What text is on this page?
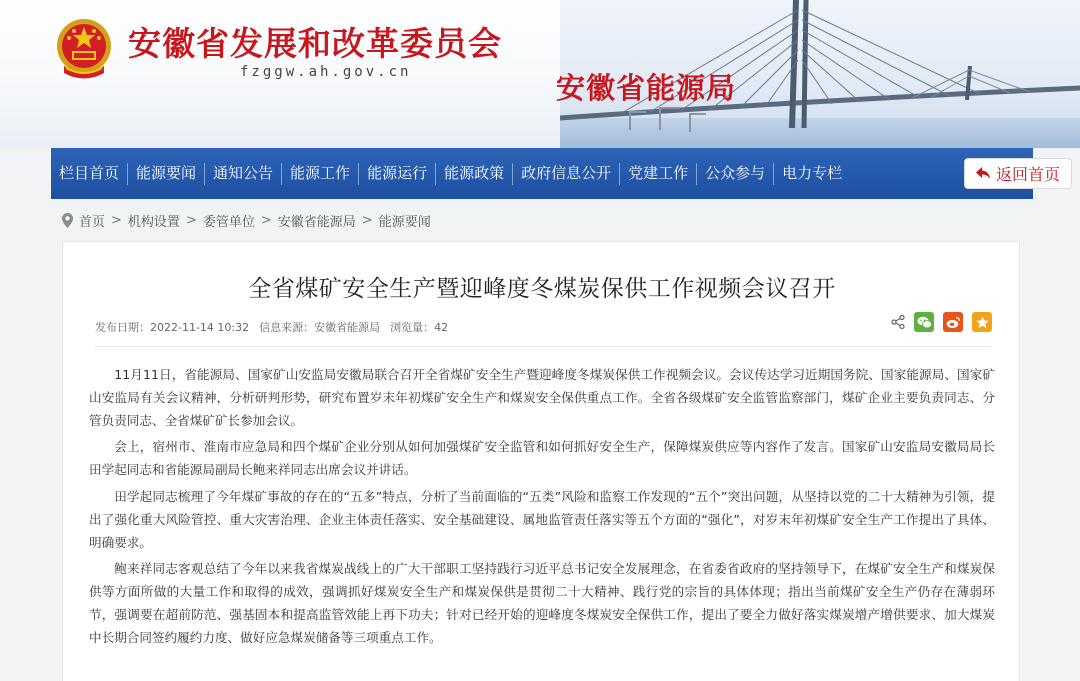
安徽省发展和改革委员会
fzggw.ah.gov.cn	安徽省能源局
栏目首页	能源要闻	通知公告	能源工作	能源运行	能源政策	政府信息公开	党建工作	公众参与	电力专栏	返回首页
首页 > 机构设置 > 委管单位 > 安徽省能源局 > 能源要闻
全省煤矿安全生产暨迎峰度冬煤炭保供工作视频会议召开
发布日期：2022-11-14 10:32 信息来源：安徽省能源局 浏览量：42

11月11日，省能源局、国家矿山安监局安徽局联合召开全省煤矿安全生产暨迎峰度冬煤炭保供工作视频会议。会议传达学习近期国务院、国家能源局、国家矿山安监局有关会议精神，分析研判形势，研究布置岁末年初煤矿安全生产和煤炭安全保供重点工作。全省各级煤矿安全监管监察部门，煤矿企业主要负责同志、分管负责同志、全省煤矿矿长参加会议。

会上，宿州市、淮南市应急局和四个煤矿企业分别从如何加强煤矿安全监管和如何抓好安全生产，保障煤炭供应等内容作了发言。国家矿山安监局安徽局局长田学起同志和省能源局副局长鲍来祥同志出席会议并讲话。

田学起同志梳理了今年煤矿事故的存在的“五多”特点，分析了当前面临的“五类”风险和监察工作发现的“五个”突出问题，从坚持以党的二十大精神为引领，提出了强化重大风险管控、重大灾害治理、企业主体责任落实、安全基础建设、属地监管责任落实等五个方面的“强化”，对岁末年初煤矿安全生产工作提出了具体、明确要求。

鲍来祥同志客观总结了今年以来我省煤炭战线上的广大干部职工坚持践行习近平总书记安全发展理念，在省委省政府的坚持领导下，在煤矿安全生产和煤炭保供等方面所做的大量工作和取得的成效，强调抓好煤炭安全生产和煤炭保供是贯彻二十大精神、践行党的宗旨的具体体现；指出当前煤矿安全生产仍存在薄弱环节，强调要在超前防范、强基固本和提高监管效能上再下功夫；针对已经开始的迎峰度冬煤炭安全保供工作，提出了要全力做好落实煤炭增产增供要求、加大煤炭中长期合同签约履约力度、做好应急煤炭储备等三项重点工作。
